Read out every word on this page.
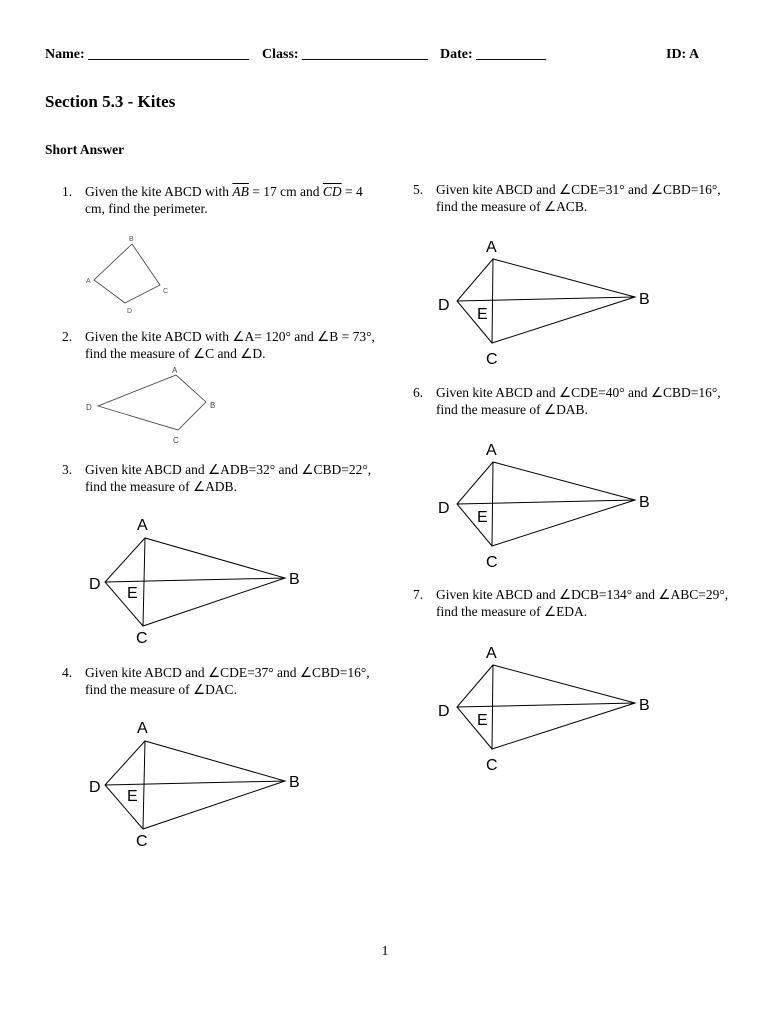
Name: _______________________ Class: __________________ Date: __________	ID: A
Section 5.3 - Kites
Short Answer
1. Given the kite ABCD with $\overline{AB} = 17$ cm and $\overline{CD} = 4$ cm, find the perimeter.
B
A
C
D
2. Given the kite ABCD with ∠A= 120° and ∠B = 73°, find the measure of ∠C and ∠D.
A
D	B
C
3. Given kite ABCD and ∠ADB=32° and ∠CBD=22°, find the measure of ∠ADB.
A
D
E
B
C
4. Given kite ABCD and ∠CDE=37° and ∠CBD=16°, find the measure of ∠DAC.
A
D
E
B
C
5. Given kite ABCD and ∠CDE=31° and ∠CBD=16°, find the measure of ∠ACB.
A
D
E
B
C
6. Given kite ABCD and ∠CDE=40° and ∠CBD=16°, find the measure of ∠DAB.
A
D
E
B
C
7. Given kite ABCD and ∠DCB=134° and ∠ABC=29°, find the measure of ∠EDA.
A
D
E
B
C
1
